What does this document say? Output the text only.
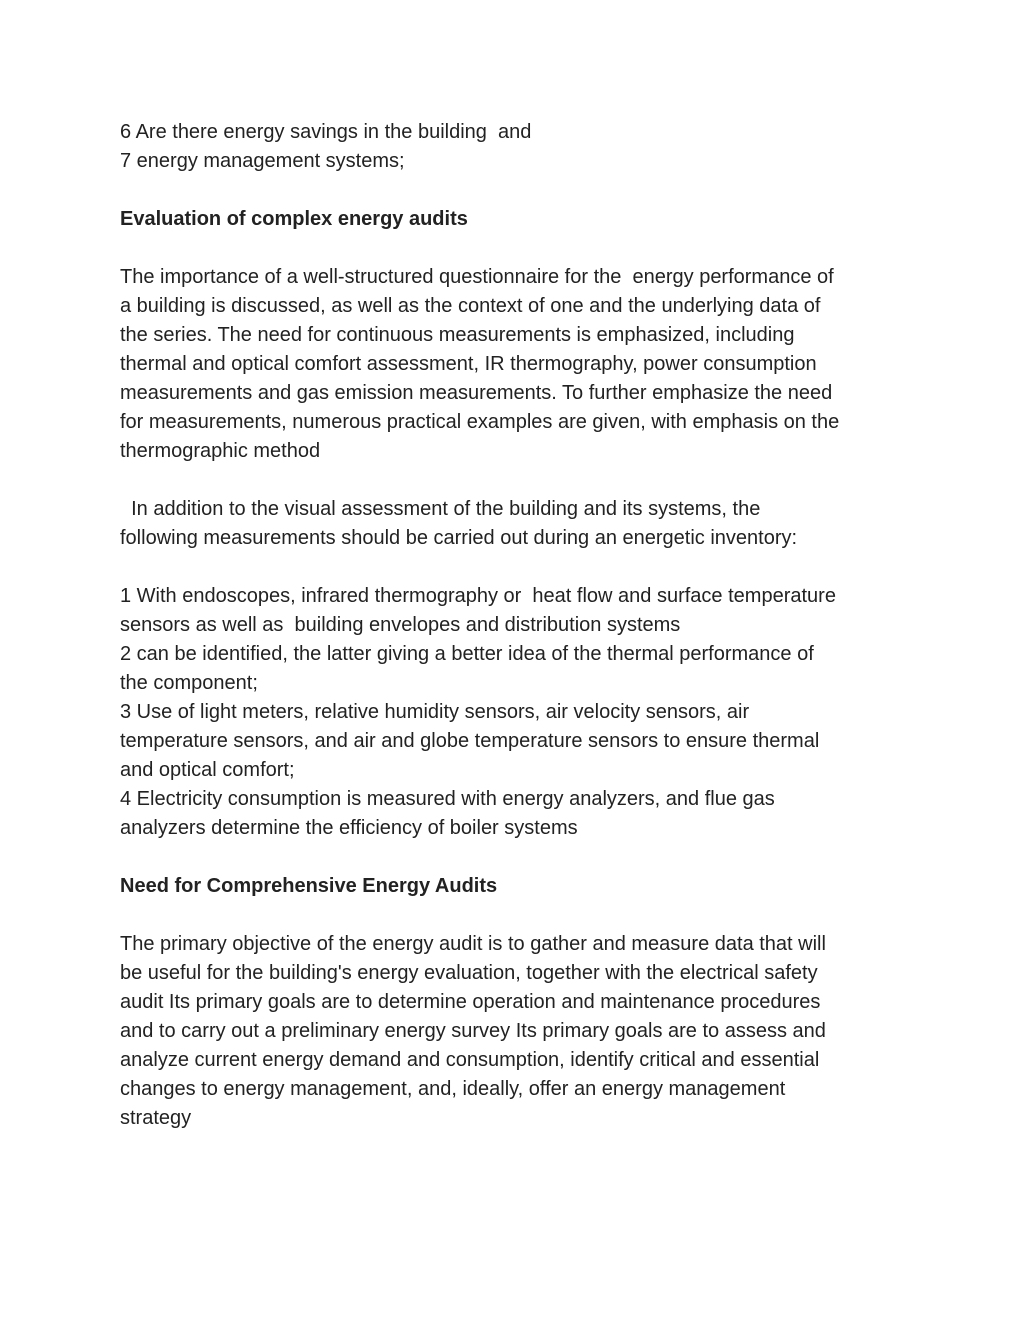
6 Are there energy savings in the building  and
7 energy management systems;
Evaluation of complex energy audits
The importance of a well-structured questionnaire for the  energy performance of
a building is discussed, as well as the context of one and the underlying data of
the series. The need for continuous measurements is emphasized, including
thermal and optical comfort assessment, IR thermography, power consumption
measurements and gas emission measurements. To further emphasize the need
for measurements, numerous practical examples are given, with emphasis on the
thermographic method
In addition to the visual assessment of the building and its systems, the
following measurements should be carried out during an energetic inventory:
1 With endoscopes, infrared thermography or  heat flow and surface temperature
sensors as well as  building envelopes and distribution systems
2 can be identified, the latter giving a better idea of the thermal performance of
the component;
3 Use of light meters, relative humidity sensors, air velocity sensors, air
temperature sensors, and air and globe temperature sensors to ensure thermal
and optical comfort;
4 Electricity consumption is measured with energy analyzers, and flue gas
analyzers determine the efficiency of boiler systems
Need for Comprehensive Energy Audits
The primary objective of the energy audit is to gather and measure data that will
be useful for the building's energy evaluation, together with the electrical safety
audit Its primary goals are to determine operation and maintenance procedures
and to carry out a preliminary energy survey Its primary goals are to assess and
analyze current energy demand and consumption, identify critical and essential
changes to energy management, and, ideally, offer an energy management
strategy
